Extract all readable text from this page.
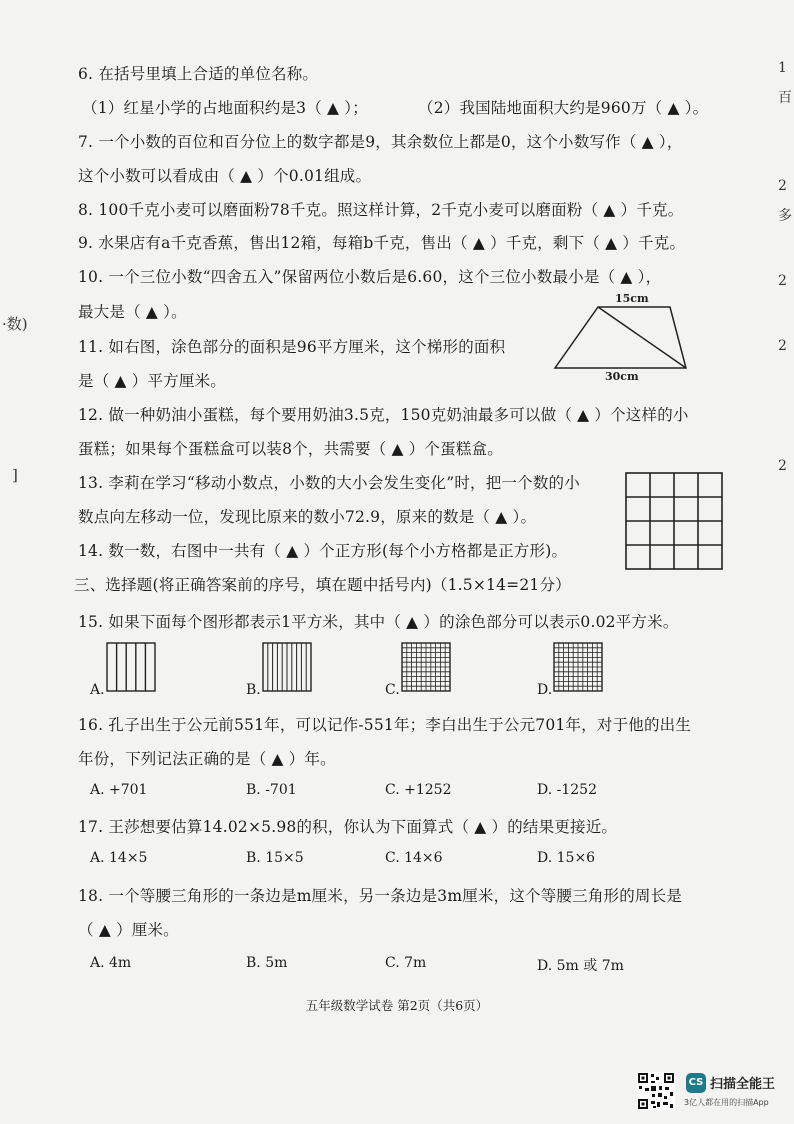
·数)
]
1
百
2
多
2
2
2
6. 在括号里填上合适的单位名称。
（1）红星小学的占地面积约是3（ ▲ ）；	（2）我国陆地面积大约是960万（ ▲ ）。
7. 一个小数的百位和百分位上的数字都是9，其余数位上都是0，这个小数写作（ ▲ ），
这个小数可以看成由（ ▲ ）个0.01组成。
8. 100千克小麦可以磨面粉78千克。照这样计算，2千克小麦可以磨面粉（ ▲ ）千克。
9. 水果店有a千克香蕉，售出12箱，每箱b千克，售出（ ▲ ）千克，剩下（ ▲ ）千克。
10. 一个三位小数“四舍五入”保留两位小数后是6.60，这个三位小数最小是（ ▲ ），
最大是（ ▲ ）。
15cm
30cm
11. 如右图，涂色部分的面积是96平方厘米，这个梯形的面积
是（ ▲ ）平方厘米。
12. 做一种奶油小蛋糕，每个要用奶油3.5克，150克奶油最多可以做（ ▲ ）个这样的小
蛋糕；如果每个蛋糕盒可以装8个，共需要（ ▲ ）个蛋糕盒。
13. 李莉在学习“移动小数点，小数的大小会发生变化”时，把一个数的小
数点向左移动一位，发现比原来的数小72.9，原来的数是（ ▲ ）。
14. 数一数，右图中一共有（ ▲ ）个正方形(每个小方格都是正方形)。
三、选择题(将正确答案前的序号，填在题中括号内)（1.5×14=21分）
15. 如果下面每个图形都表示1平方米，其中（ ▲ ）的涂色部分可以表示0.02平方米。
A.	B.	C.	D.
16. 孔子出生于公元前551年，可以记作-551年；李白出生于公元701年，对于他的出生
年份，下列记法正确的是（ ▲ ）年。
A. +701	B. -701	C. +1252	D. -1252
17. 王莎想要估算14.02×5.98的积，你认为下面算式（ ▲ ）的结果更接近。
A. 14×5	B. 15×5	C. 14×6	D. 15×6
18. 一个等腰三角形的一条边是m厘米，另一条边是3m厘米，这个等腰三角形的周长是
（ ▲ ）厘米。
A. 4m	B. 5m	C. 7m	D. 5m 或 7m
五年级数学试卷 第2页（共6页）
CS 扫描全能王
3亿人都在用的扫描App
